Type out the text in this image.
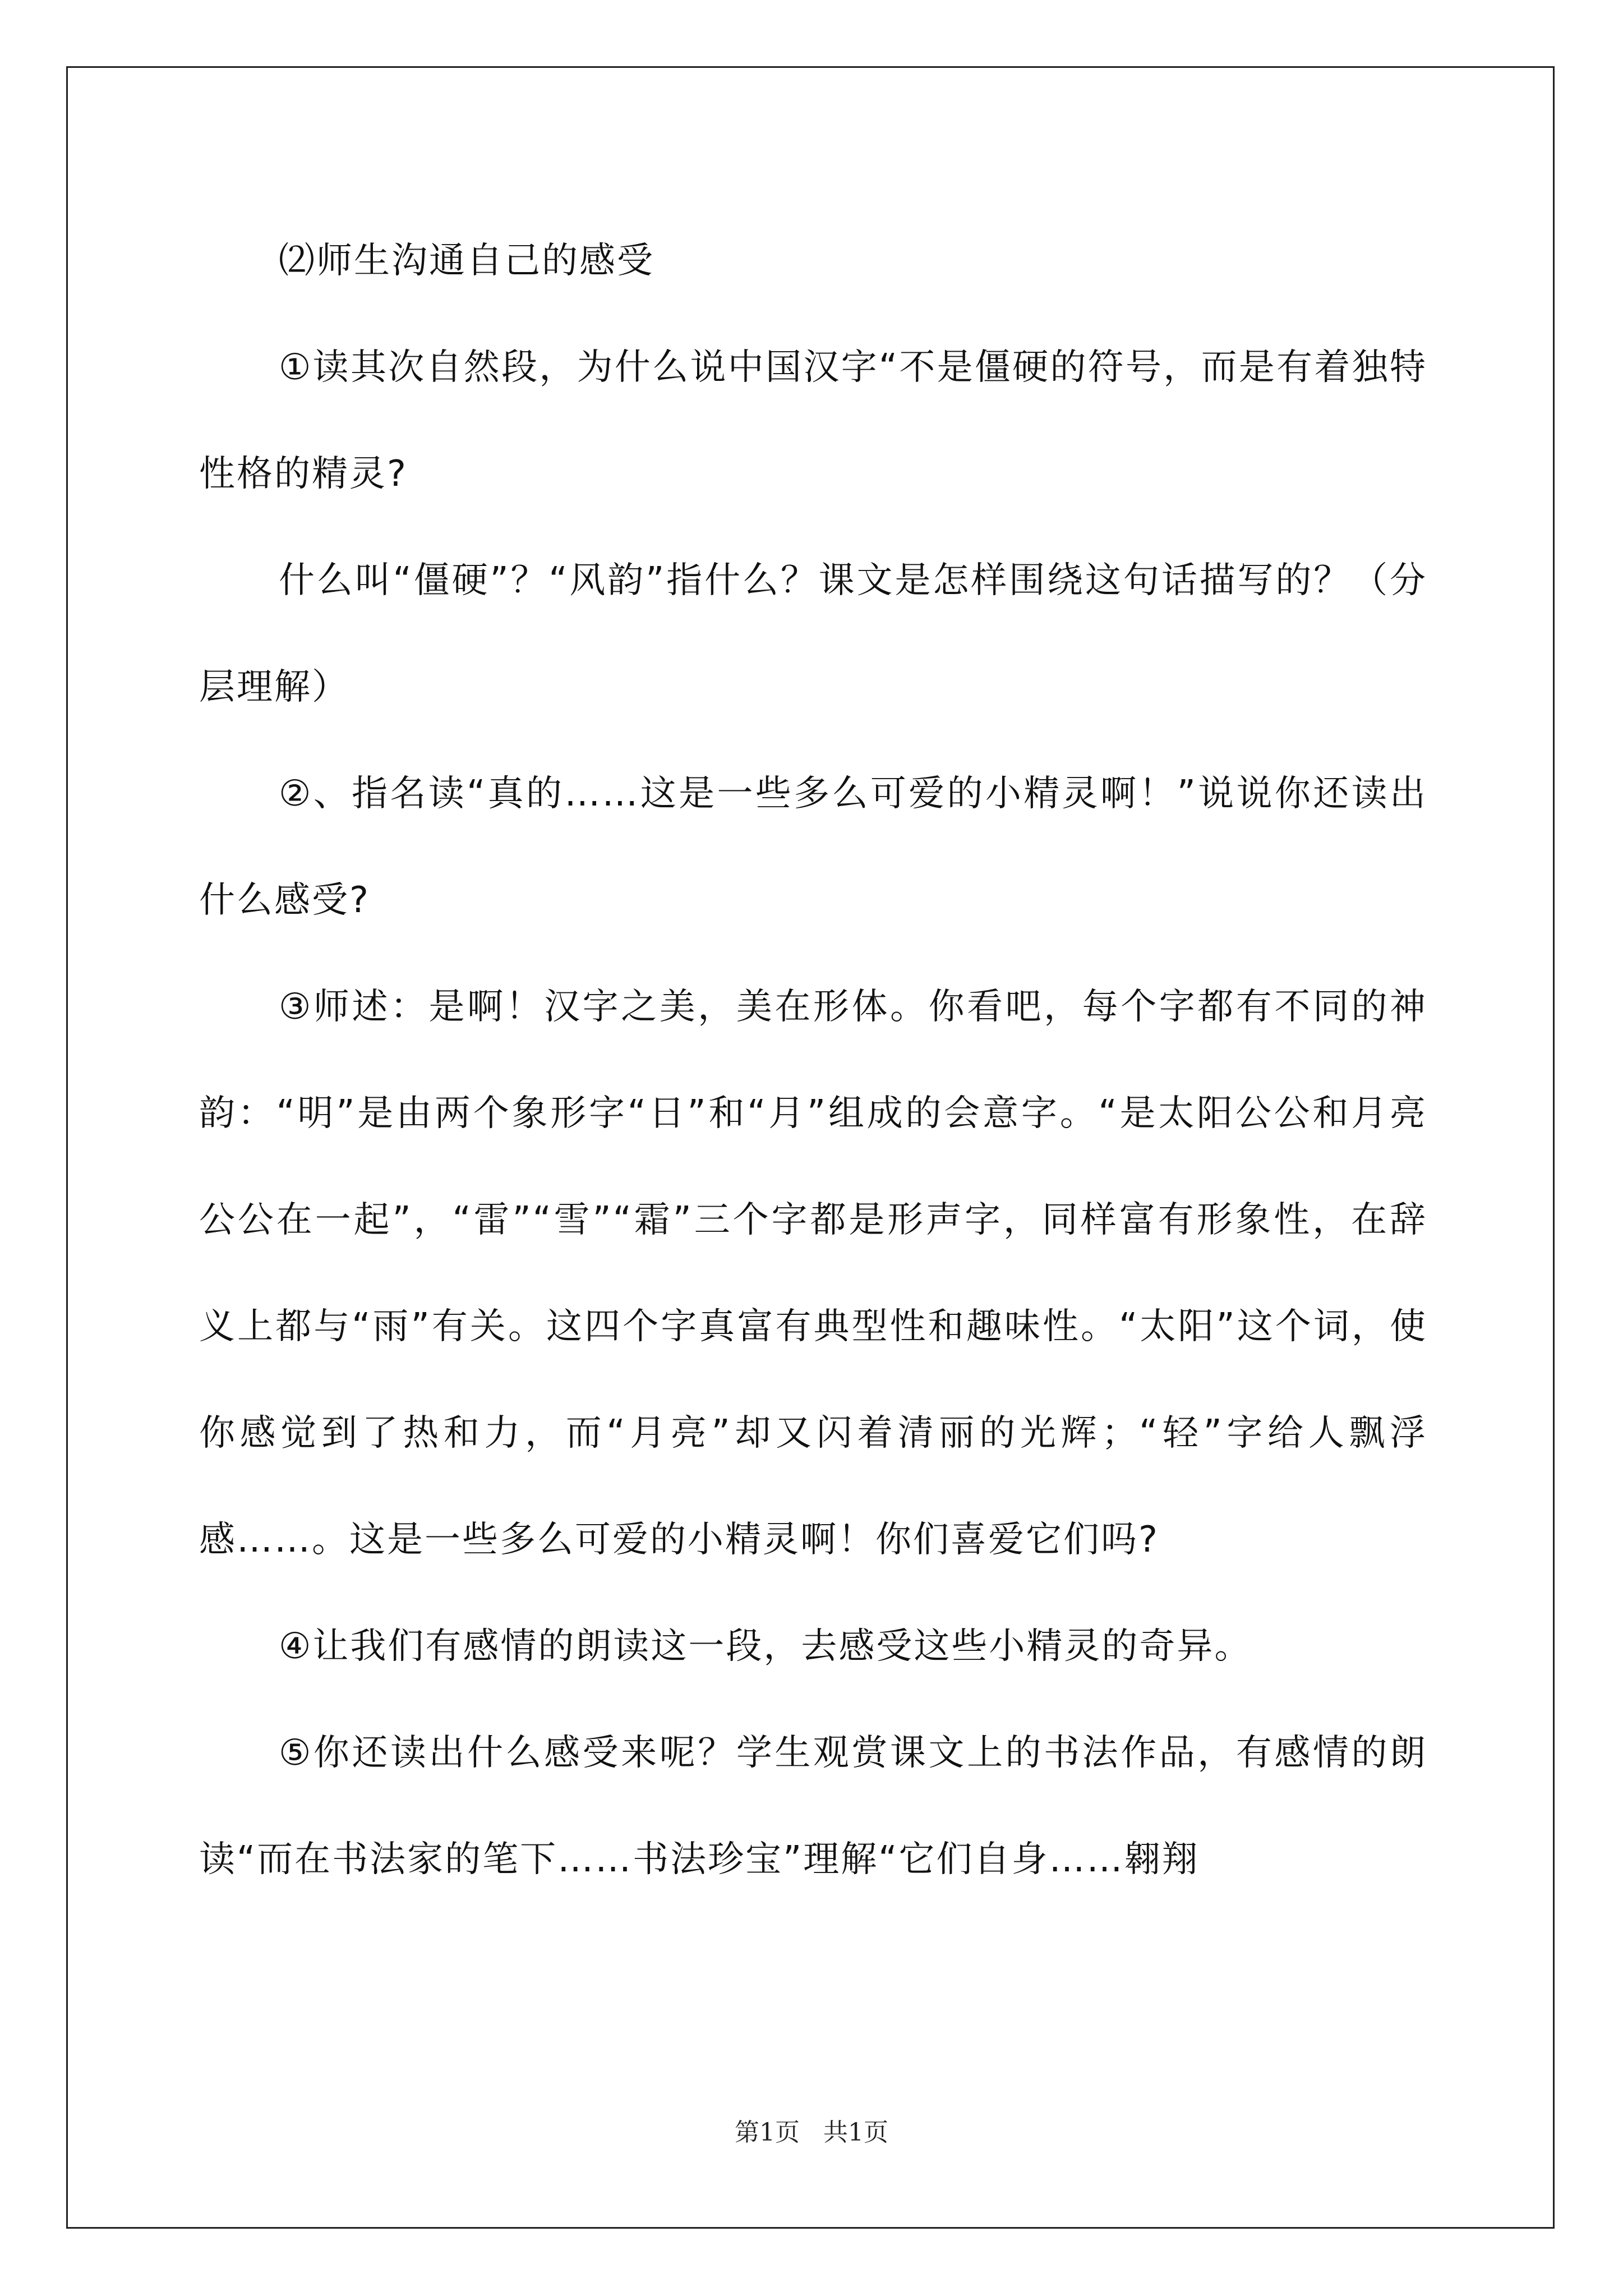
⑵师生沟通自己的感受

①读其次自然段，为什么说中国汉字“不是僵硬的符号，而是有着独特性格的精灵?

什么叫“僵硬”？“风韵”指什么？课文是怎样围绕这句话描写的？（分层理解）

②、指名读“真的……这是一些多么可爱的小精灵啊！”说说你还读出什么感受?

③师述：是啊！汉字之美，美在形体。你看吧，每个字都有不同的神韵：“明”是由两个象形字“日”和“月”组成的会意字。“是太阳公公和月亮公公在一起”，“雷”“雪”“霜”三个字都是形声字，同样富有形象性，在辞义上都与“雨”有关。这四个字真富有典型性和趣味性。“太阳”这个词，使你感觉到了热和力，而“月亮”却又闪着清丽的光辉；“轻”字给人飘浮感……。这是一些多么可爱的小精灵啊！你们喜爱它们吗?

④让我们有感情的朗读这一段，去感受这些小精灵的奇异。

⑤你还读出什么感受来呢？学生观赏课文上的书法作品，有感情的朗读“而在书法家的笔下……书法珍宝”理解“它们自身……翱翔

第1页 共1页
